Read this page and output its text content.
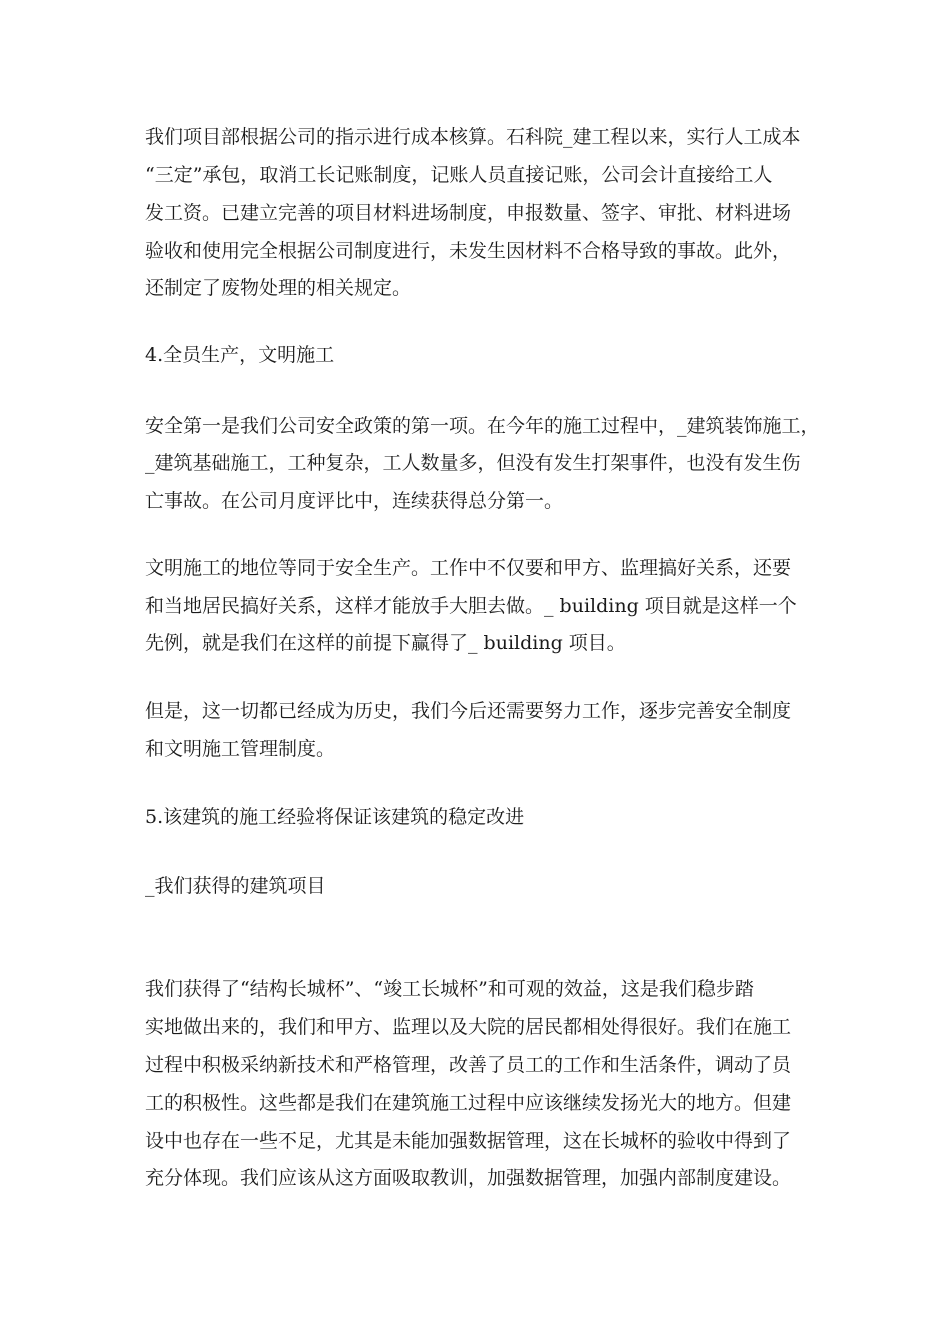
我们项目部根据公司的指示进行成本核算。石科院_建工程以来，实行人工成本
“三定”承包，取消工长记账制度，记账人员直接记账，公司会计直接给工人
发工资。已建立完善的项目材料进场制度，申报数量、签字、审批、材料进场
验收和使用完全根据公司制度进行，未发生因材料不合格导致的事故。此外，
还制定了废物处理的相关规定。
4.全员生产，文明施工
安全第一是我们公司安全政策的第一项。在今年的施工过程中，_建筑装饰施工，
_建筑基础施工，工种复杂，工人数量多，但没有发生打架事件，也没有发生伤
亡事故。在公司月度评比中，连续获得总分第一。
文明施工的地位等同于安全生产。工作中不仅要和甲方、监理搞好关系，还要
和当地居民搞好关系，这样才能放手大胆去做。_ building 项目就是这样一个
先例，就是我们在这样的前提下赢得了_ building 项目。
但是，这一切都已经成为历史，我们今后还需要努力工作，逐步完善安全制度
和文明施工管理制度。
5.该建筑的施工经验将保证该建筑的稳定改进
_我们获得的建筑项目
我们获得了“结构长城杯”、“竣工长城杯”和可观的效益，这是我们稳步踏
实地做出来的，我们和甲方、监理以及大院的居民都相处得很好。我们在施工
过程中积极采纳新技术和严格管理，改善了员工的工作和生活条件，调动了员
工的积极性。这些都是我们在建筑施工过程中应该继续发扬光大的地方。但建
设中也存在一些不足，尤其是未能加强数据管理，这在长城杯的验收中得到了
充分体现。我们应该从这方面吸取教训，加强数据管理，加强内部制度建设。
